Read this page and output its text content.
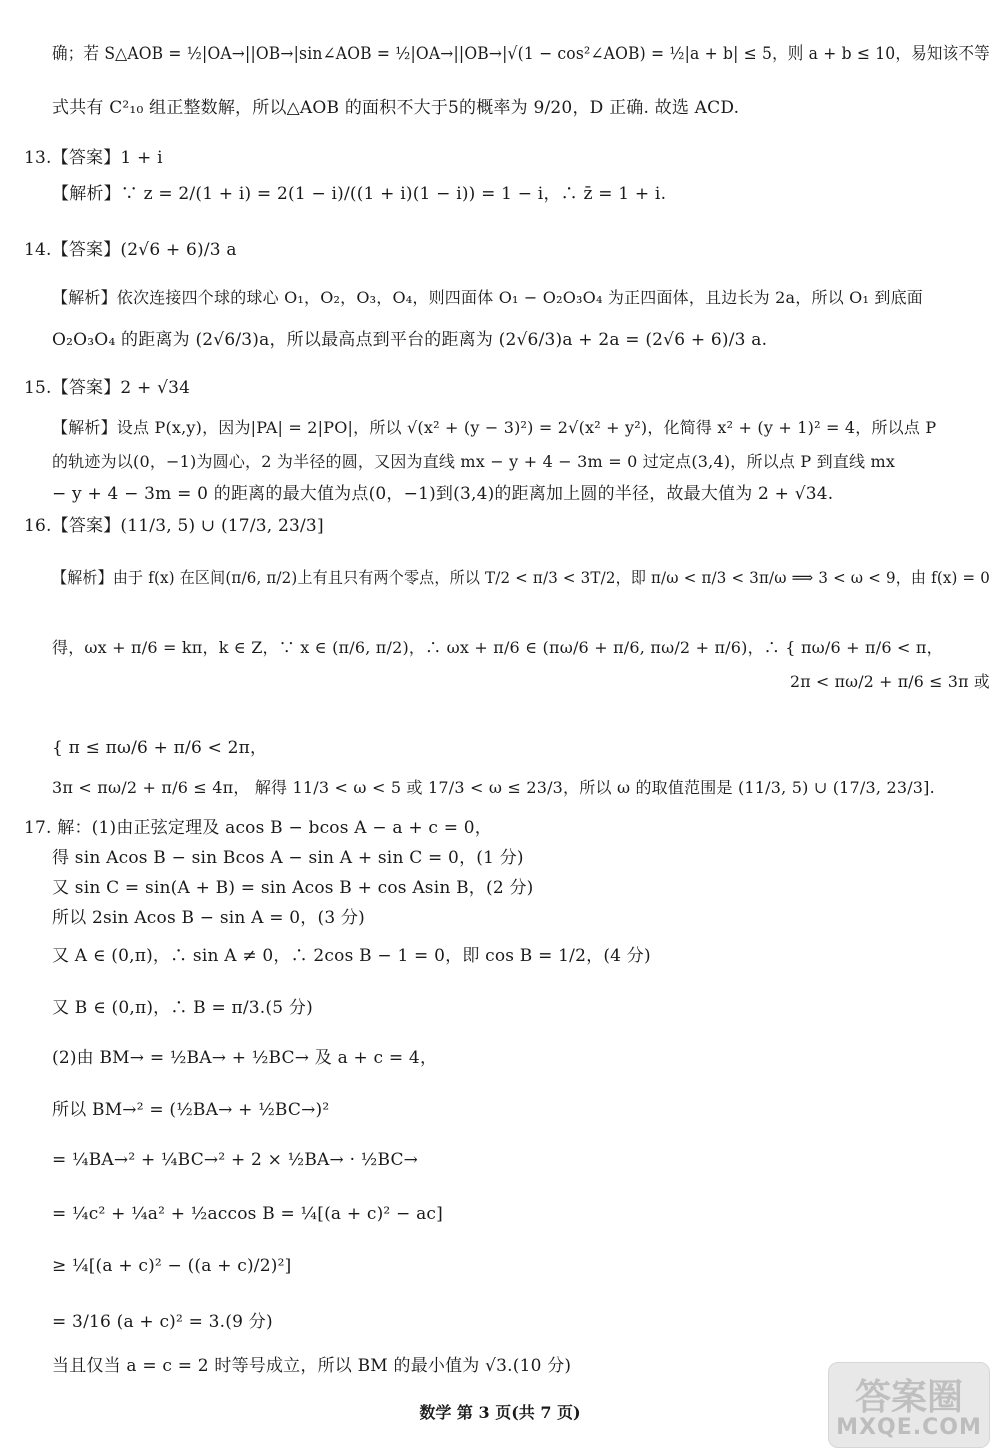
确；若 S△AOB = ½|OA→||OB→|sin∠AOB = ½|OA→||OB→|√(1 − cos²∠AOB) = ½|a + b| ≤ 5，则 a + b ≤ 10，易知该不等
式共有 C²₁₀ 组正整数解，所以△AOB 的面积不大于5的概率为 9/20，D 正确. 故选 ACD.
13.【答案】1 + i
【解析】∵ z = 2/(1 + i) = 2(1 − i)/((1 + i)(1 − i)) = 1 − i，∴ z̄ = 1 + i.
14.【答案】(2√6 + 6)/3 a
【解析】依次连接四个球的球心 O₁，O₂，O₃，O₄，则四面体 O₁ − O₂O₃O₄ 为正四面体，且边长为 2a，所以 O₁ 到底面
O₂O₃O₄ 的距离为 (2√6/3)a，所以最高点到平台的距离为 (2√6/3)a + 2a = (2√6 + 6)/3 a.
15.【答案】2 + √34
【解析】设点 P(x,y)，因为|PA| = 2|PO|，所以 √(x² + (y − 3)²) = 2√(x² + y²)，化简得 x² + (y + 1)² = 4，所以点 P
的轨迹为以(0，−1)为圆心，2 为半径的圆，又因为直线 mx − y + 4 − 3m = 0 过定点(3,4)，所以点 P 到直线 mx
− y + 4 − 3m = 0 的距离的最大值为点(0，−1)到(3,4)的距离加上圆的半径，故最大值为 2 + √34.
16.【答案】(11/3, 5) ∪ (17/3, 23/3]
【解析】由于 f(x) 在区间(π/6, π/2)上有且只有两个零点，所以 T/2 < π/3 < 3T/2，即 π/ω < π/3 < 3π/ω ⟹ 3 < ω < 9，由 f(x) = 0
得，ωx + π/6 = kπ，k ∈ Z，∵ x ∈ (π/6, π/2)，∴ ωx + π/6 ∈ (πω/6 + π/6, πω/2 + π/6)，∴ { πω/6 + π/6 < π，
2π < πω/2 + π/6 ≤ 3π 或
{ π ≤ πω/6 + π/6 < 2π，
3π < πω/2 + π/6 ≤ 4π， 解得 11/3 < ω < 5 或 17/3 < ω ≤ 23/3，所以 ω 的取值范围是 (11/3, 5) ∪ (17/3, 23/3].
17. 解：(1)由正弦定理及 acos B − bcos A − a + c = 0，
得 sin Acos B − sin Bcos A − sin A + sin C = 0，(1 分)
又 sin C = sin(A + B) = sin Acos B + cos Asin B，(2 分)
所以 2sin Acos B − sin A = 0，(3 分)
又 A ∈ (0,π)，∴ sin A ≠ 0，∴ 2cos B − 1 = 0，即 cos B = 1/2，(4 分)
又 B ∈ (0,π)，∴ B = π/3.(5 分)
(2)由 BM→ = ½BA→ + ½BC→ 及 a + c = 4，
所以 BM→² = (½BA→ + ½BC→)²
= ¼BA→² + ¼BC→² + 2 × ½BA→ · ½BC→
= ¼c² + ¼a² + ½accos B = ¼[(a + c)² − ac]
≥ ¼[(a + c)² − ((a + c)/2)²]
= 3/16 (a + c)² = 3.(9 分)
当且仅当 a = c = 2 时等号成立，所以 BM 的最小值为 √3.(10 分)
数学 第 3 页(共 7 页)	答案圈
MXQE.COM
